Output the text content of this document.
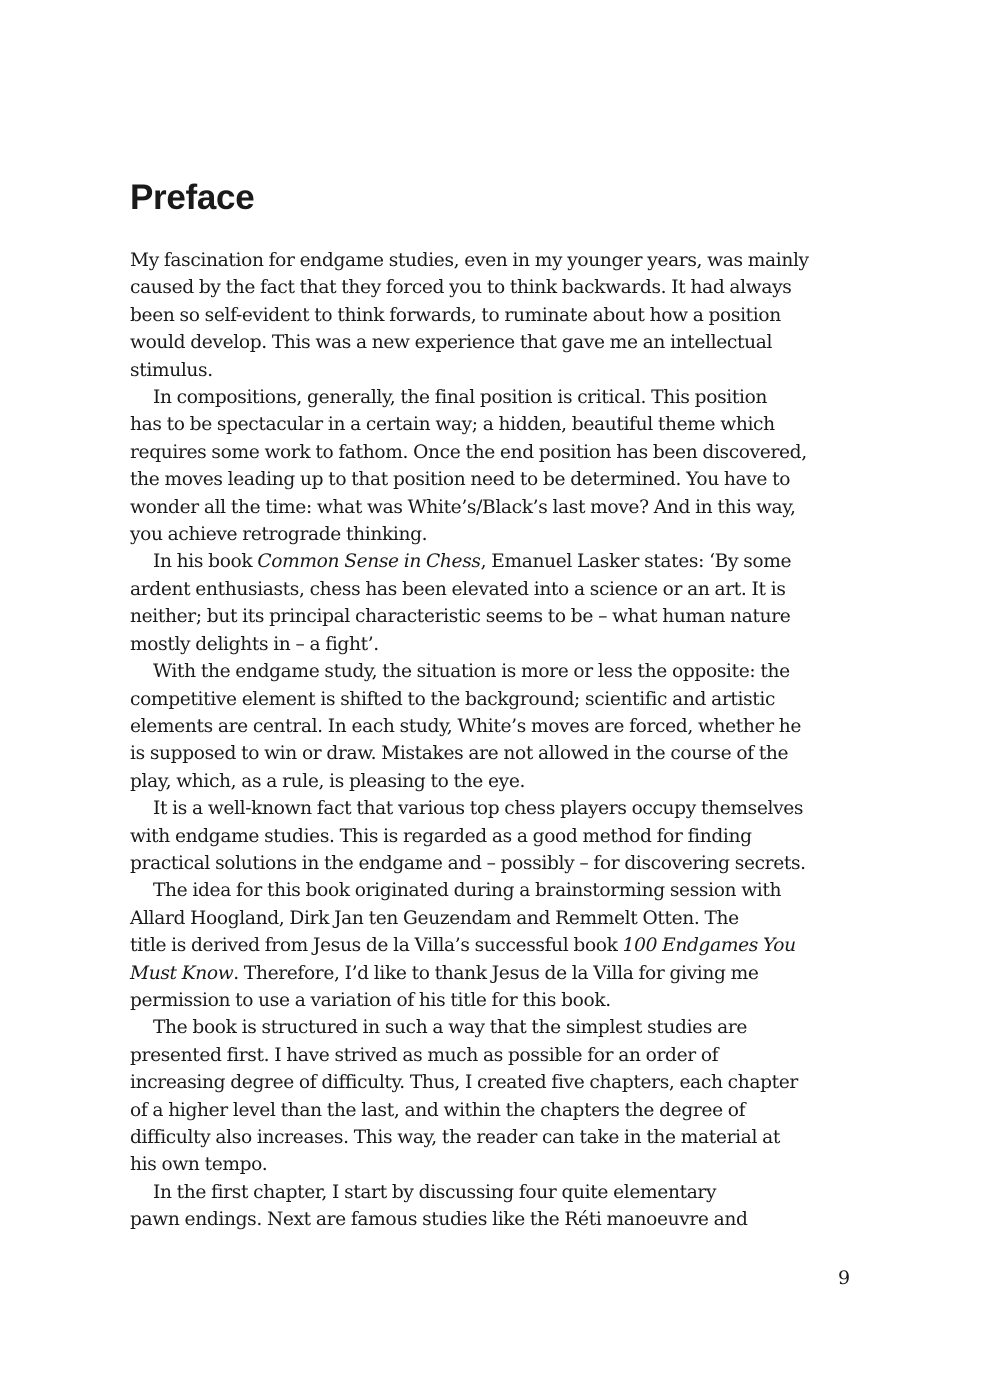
Preface

My fascination for endgame studies, even in my younger years, was mainly
caused by the fact that they forced you to think backwards. It had always
been so self-evident to think forwards, to ruminate about how a position
would develop. This was a new experience that gave me an intellectual
stimulus.

In compositions, generally, the final position is critical. This position
has to be spectacular in a certain way; a hidden, beautiful theme which
requires some work to fathom. Once the end position has been discovered,
the moves leading up to that position need to be determined. You have to
wonder all the time: what was White’s/Black’s last move? And in this way,
you achieve retrograde thinking.

In his book Common Sense in Chess, Emanuel Lasker states: ‘By some
ardent enthusiasts, chess has been elevated into a science or an art. It is
neither; but its principal characteristic seems to be – what human nature
mostly delights in – a fight’.

With the endgame study, the situation is more or less the opposite: the
competitive element is shifted to the background; scientific and artistic
elements are central. In each study, White’s moves are forced, whether he
is supposed to win or draw. Mistakes are not allowed in the course of the
play, which, as a rule, is pleasing to the eye.

It is a well-known fact that various top chess players occupy themselves
with endgame studies. This is regarded as a good method for finding
practical solutions in the endgame and – possibly – for discovering secrets.

The idea for this book originated during a brainstorming session with
Allard Hoogland, Dirk Jan ten Geuzendam and Remmelt Otten. The
title is derived from Jesus de la Villa’s successful book 100 Endgames You
Must Know. Therefore, I’d like to thank Jesus de la Villa for giving me
permission to use a variation of his title for this book.

The book is structured in such a way that the simplest studies are
presented first. I have strived as much as possible for an order of
increasing degree of difficulty. Thus, I created five chapters, each chapter
of a higher level than the last, and within the chapters the degree of
difficulty also increases. This way, the reader can take in the material at
his own tempo.

In the first chapter, I start by discussing four quite elementary
pawn endings. Next are famous studies like the Réti manoeuvre and

9
